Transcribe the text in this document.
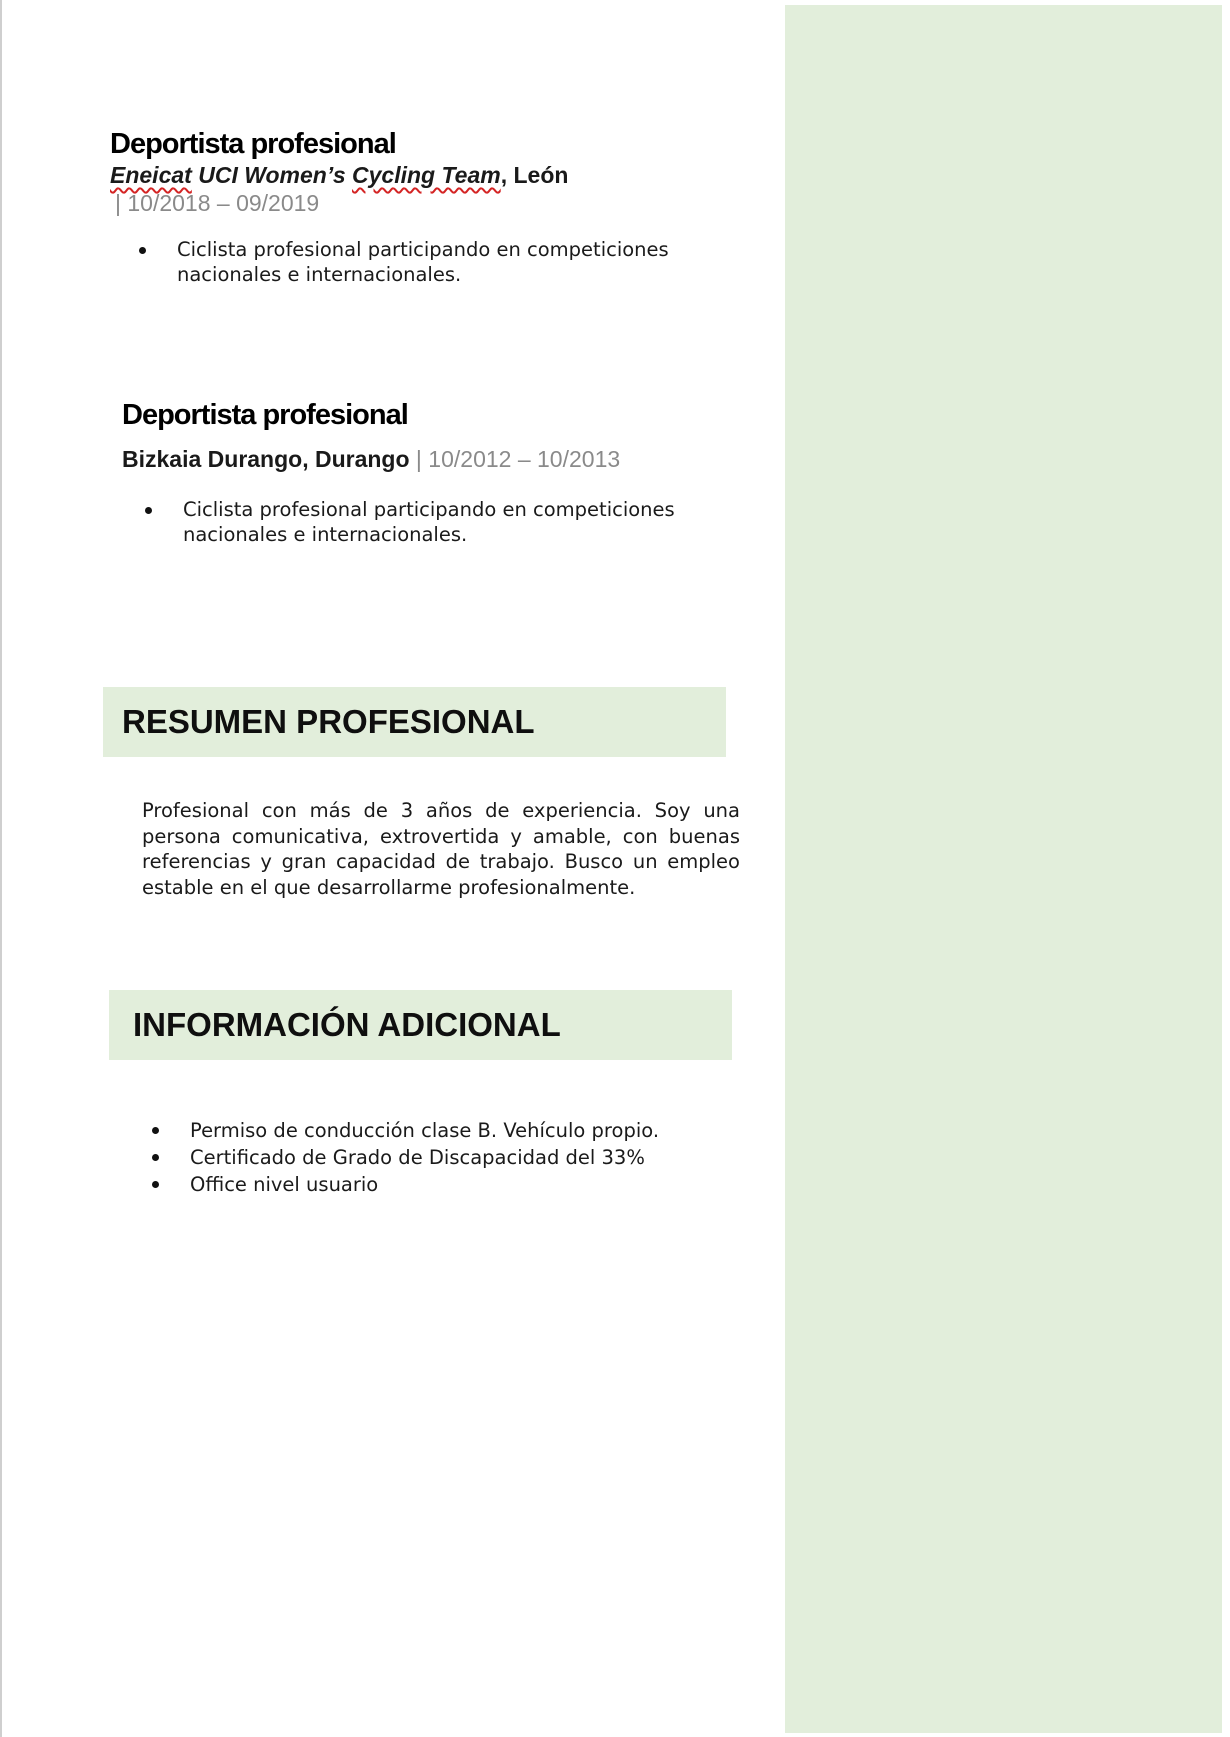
Deportista profesional
Eneicat UCI Women’s Cycling Team, León
| 10/2018 – 09/2019
Ciclista profesional participando en competiciones nacionales e internacionales.
Deportista profesional
Bizkaia Durango, Durango | 10/2012 – 10/2013
Ciclista profesional participando en competiciones nacionales e internacionales.
RESUMEN PROFESIONAL

Profesional con más de 3 años de experiencia. Soy una persona comunicativa, extrovertida y amable, con buenas referencias y gran capacidad de trabajo. Busco un empleo estable en el que desarrollarme profesionalmente.

INFORMACIÓN ADICIONAL
Permiso de conducción clase B. Vehículo propio.
Certificado de Grado de Discapacidad del 33%
Office nivel usuario
